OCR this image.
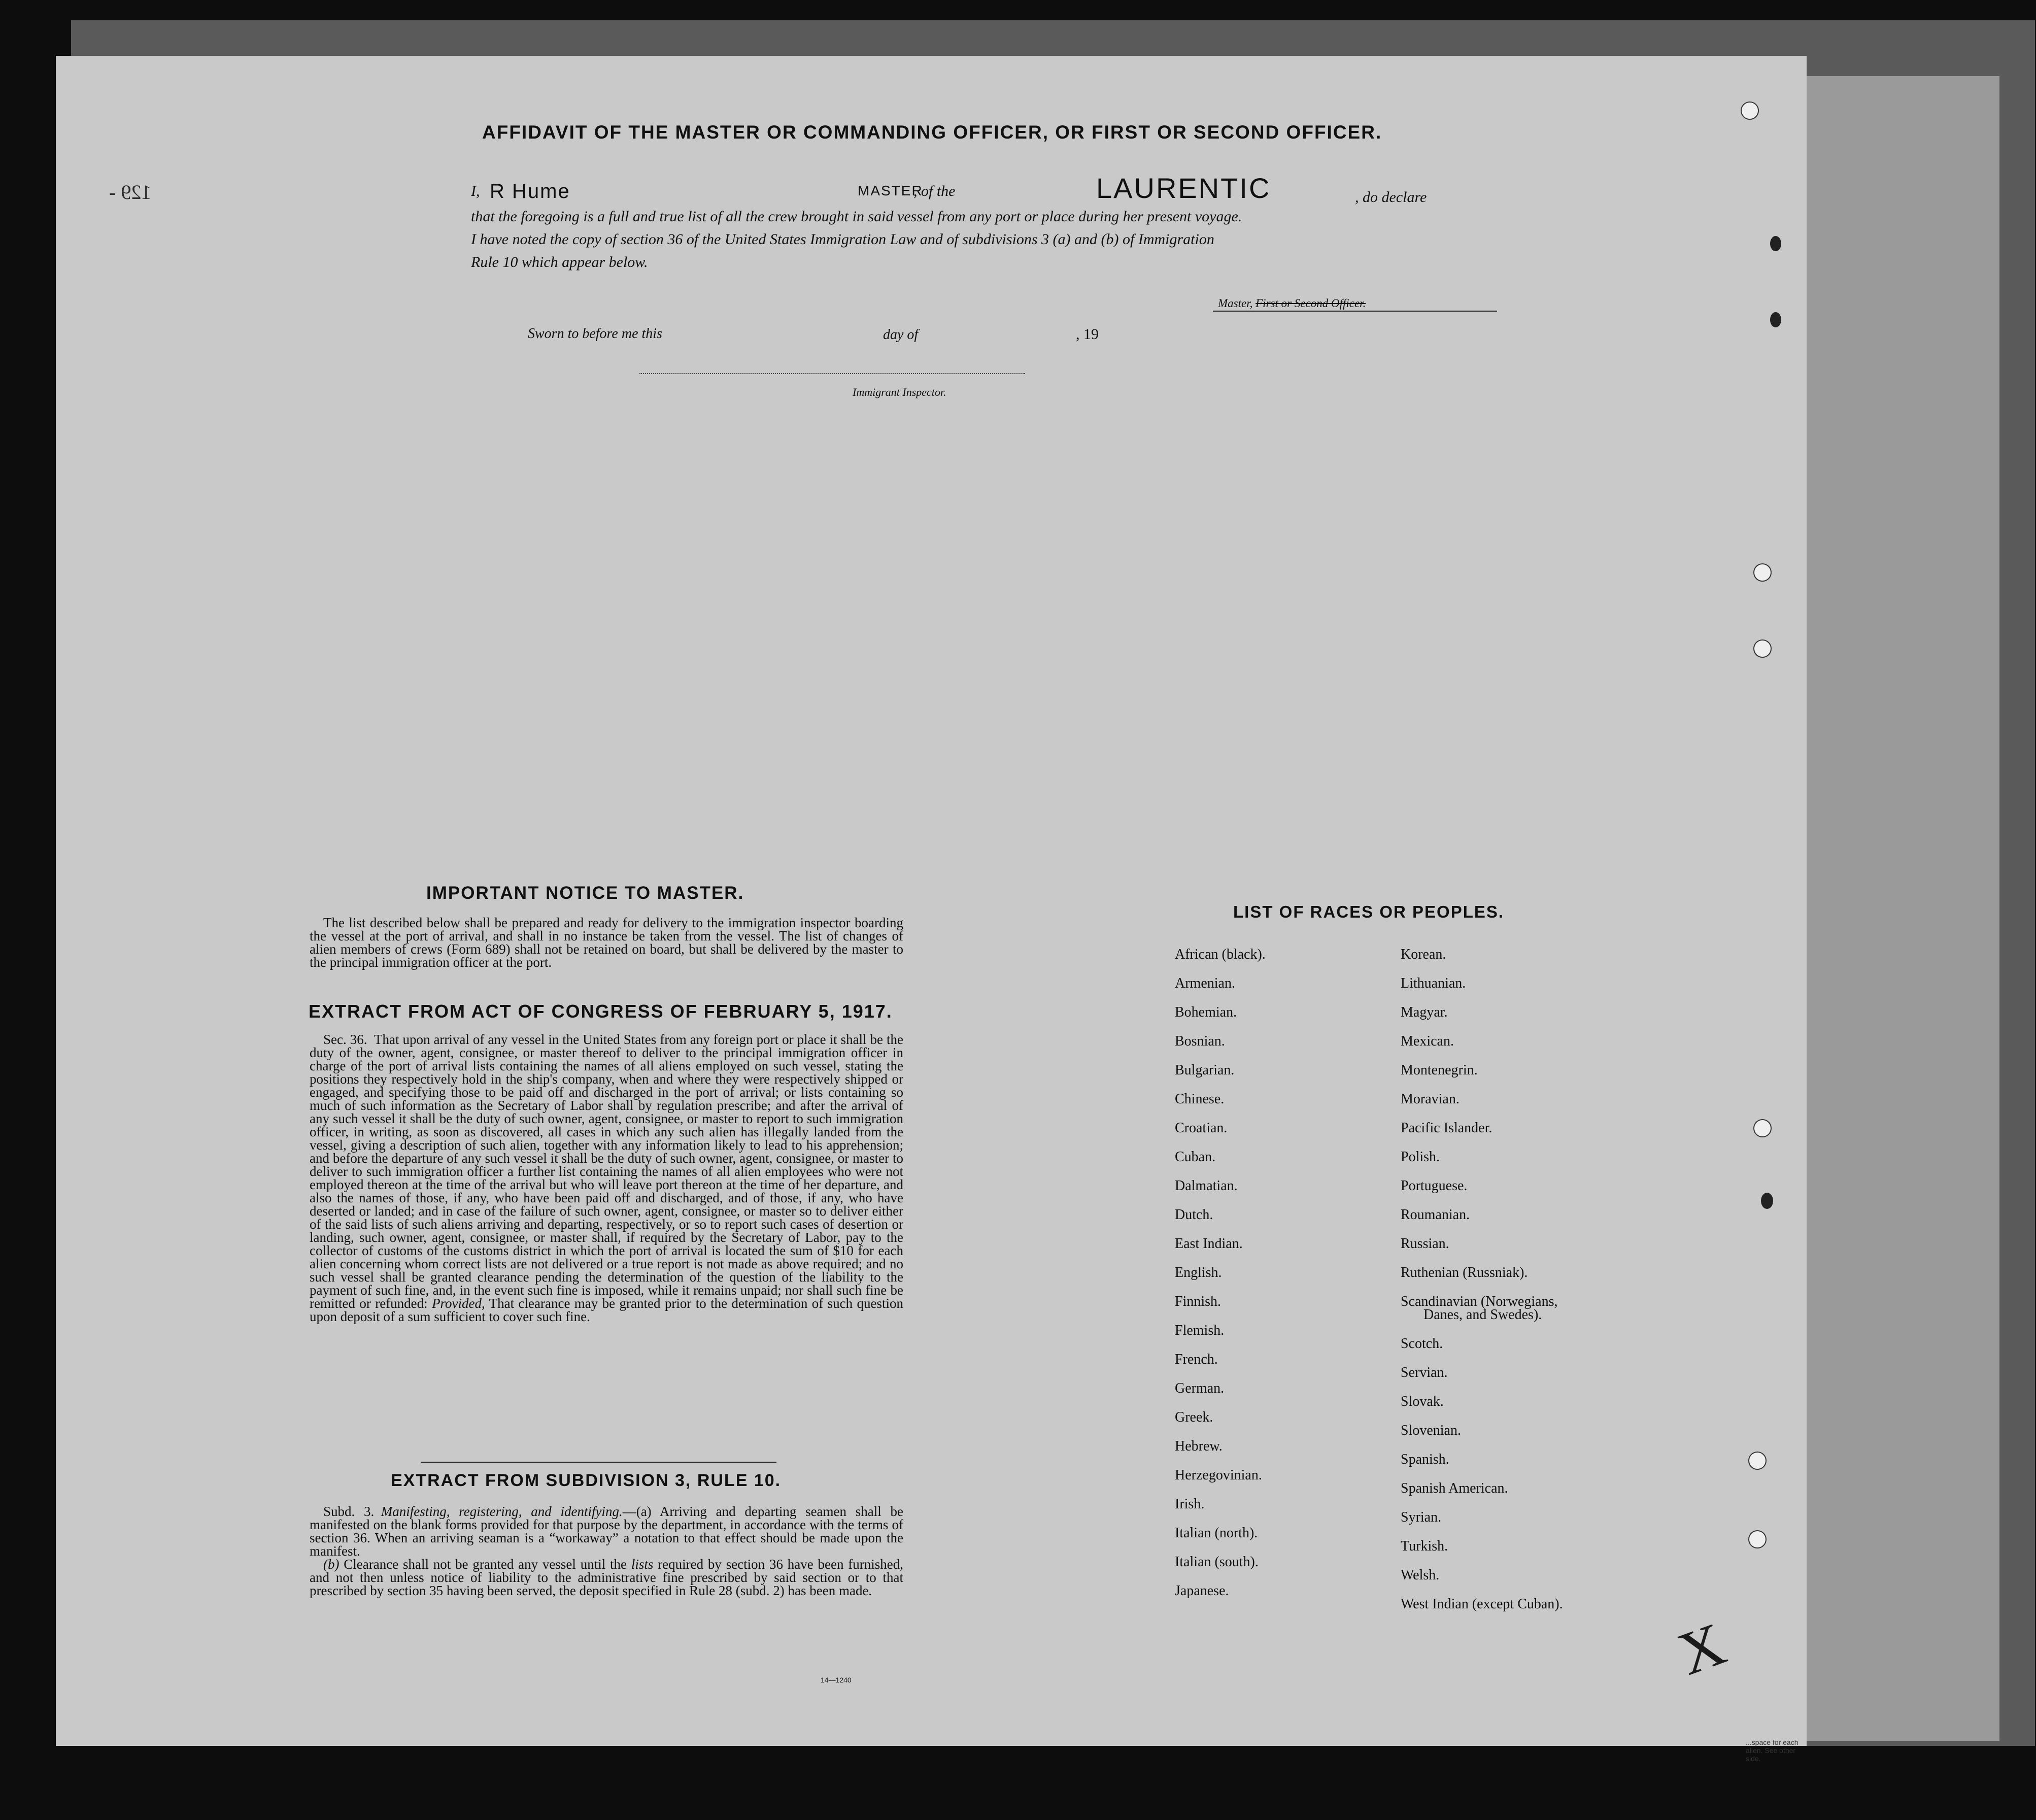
AFFIDAVIT OF THE MASTER OR COMMANDING OFFICER, OR FIRST OR SECOND OFFICER.
I, R Hume	MASTER
, of the	LAURENTIC	, do declare
that the foregoing is a full and true list of all the crew brought in said vessel from any port or place during her present voyage.
I have noted the copy of section 36 of the United States Immigration Law and of subdivisions 3 (a) and (b) of Immigration
Rule 10 which appear below.
Master, First or Second Officer.
Sworn to before me this	day of	, 19
Immigrant Inspector.
IMPORTANT NOTICE TO MASTER.
 The list described below shall be prepared and ready for delivery to the immigration inspector boarding the vessel at the port of arrival, and shall in no instance be taken from the vessel. The list of changes of alien members of crews (Form 689) shall not be retained on board, but shall be delivered by the master to the principal immigration officer at the port.
EXTRACT FROM ACT OF CONGRESS OF FEBRUARY 5, 1917.
 Sec. 36.  That upon arrival of any vessel in the United States from any foreign port or place it shall be the duty of the owner, agent, consignee, or master thereof to deliver to the principal immigration officer in charge of the port of arrival lists containing the names of all aliens employed on such vessel, stating the positions they respectively hold in the ship's company, when and where they were respectively shipped or engaged, and specifying those to be paid off and discharged in the port of arrival; or lists containing so much of such information as the Secretary of Labor shall by regulation prescribe; and after the arrival of any such vessel it shall be the duty of such owner, agent, consignee, or master to report to such immigration officer, in writing, as soon as discovered, all cases in which any such alien has illegally landed from the vessel, giving a description of such alien, together with any information likely to lead to his apprehension; and before the departure of any such vessel it shall be the duty of such owner, agent, consignee, or master to deliver to such immigration officer a further list containing the names of all alien employees who were not employed thereon at the time of the arrival but who will leave port thereon at the time of her departure, and also the names of those, if any, who have been paid off and discharged, and of those, if any, who have deserted or landed; and in case of the failure of such owner, agent, consignee, or master so to deliver either of the said lists of such aliens arriving and departing, respectively, or so to report such cases of desertion or landing, such owner, agent, consignee, or master shall, if required by the Secretary of Labor, pay to the collector of customs of the customs district in which the port of arrival is located the sum of $10 for each alien concerning whom correct lists are not delivered or a true report is not made as above required; and no such vessel shall be granted clearance pending the determination of the question of the liability to the payment of such fine, and, in the event such fine is imposed, while it remains unpaid; nor shall such fine be remitted or refunded: Provided, That clearance may be granted prior to the determination of such question upon deposit of a sum sufficient to cover such fine.
EXTRACT FROM SUBDIVISION 3, RULE 10.
 Subd. 3.  Manifesting, registering, and identifying.—(a) Arriving and departing seamen shall be manifested on the blank forms provided for that purpose by the department, in accordance with the terms of section 36. When an arriving seaman is a “workaway” a notation to that effect should be made upon the manifest.
 (b) Clearance shall not be granted any vessel until the lists required by section 36 have been furnished, and not then unless notice of liability to the administrative fine prescribed by said section or to that prescribed by section 35 having been served, the deposit specified in Rule 28 (subd. 2) has been made.
14—1240
LIST OF RACES OR PEOPLES.
African (black).
Armenian.
Bohemian.
Bosnian.
Bulgarian.
Chinese.
Croatian.
Cuban.
Dalmatian.
Dutch.
East Indian.
English.
Finnish.
Flemish.
French.
German.
Greek.
Hebrew.
Herzegovinian.
Irish.
Italian (north).
Italian (south).
Japanese.
Korean.
Lithuanian.
Magyar.
Mexican.
Montenegrin.
Moravian.
Pacific Islander.
Polish.
Portuguese.
Roumanian.
Russian.
Ruthenian (Russniak).
Scandinavian (Norwegians,
Danes, and Swedes).
Scotch.
Servian.
Slovak.
Slovenian.
Spanish.
Spanish American.
Syrian.
Turkish.
Welsh.
West Indian (except Cuban).
129 -
X
...space for each alien. See other side.
